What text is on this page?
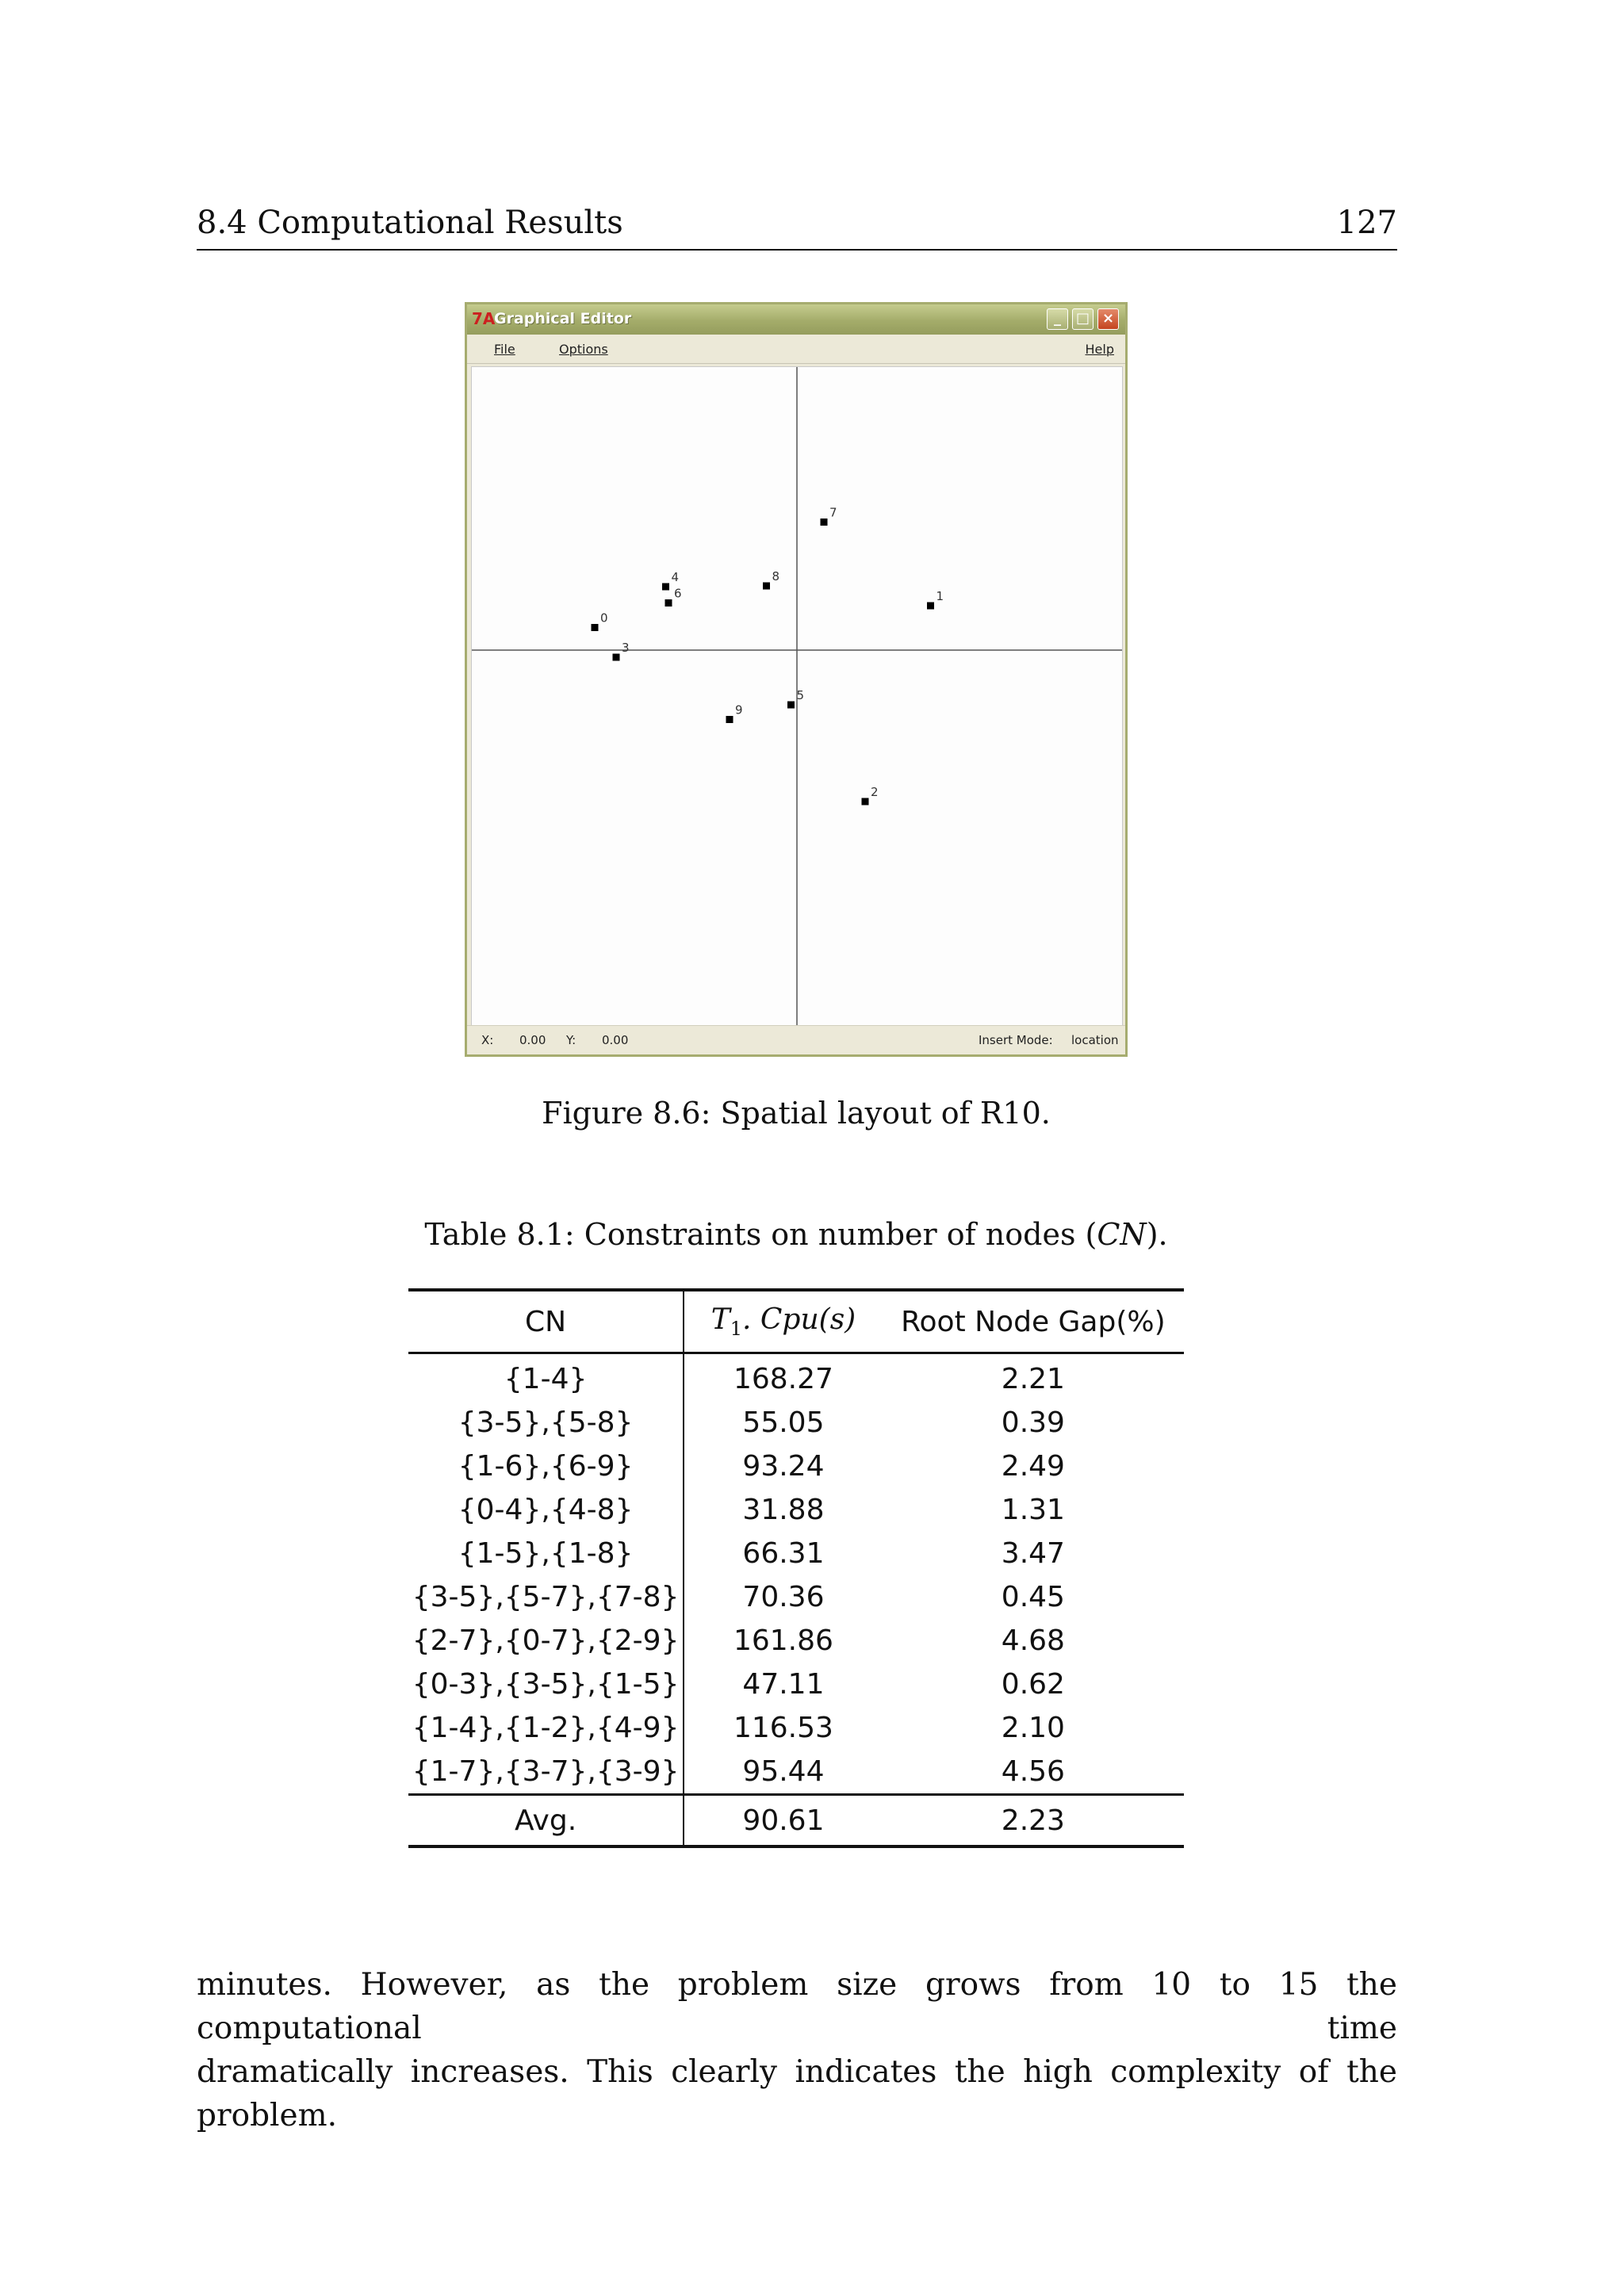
8.4 Computational Results	127
7A
Graphical Editor	_	□ ×
File	Options	Help
0
1
2
3
4
6
8
7
5
9
X: 0.00 Y: 0.00	Insert Mode: location
Figure 8.6: Spatial layout of R10.
Table 8.1: Constraints on number of nodes (CN).
CN	$T_1$. Cpu(s)	Root Node Gap(%)
{1-4}	168.27	2.21
{3-5},{5-8}	55.05	0.39
{1-6},{6-9}	93.24	2.49
{0-4},{4-8}	31.88	1.31
{1-5},{1-8}	66.31	3.47
{3-5},{5-7},{7-8}	70.36	0.45
{2-7},{0-7},{2-9}	161.86	4.68
{0-3},{3-5},{1-5}	47.11	0.62
{1-4},{1-2},{4-9}	116.53	2.10
{1-7},{3-7},{3-9}	95.44	4.56
Avg.	90.61	2.23
minutes. However, as the problem size grows from 10 to 15 the computational time
dramatically increases. This clearly indicates the high complexity of the problem.
